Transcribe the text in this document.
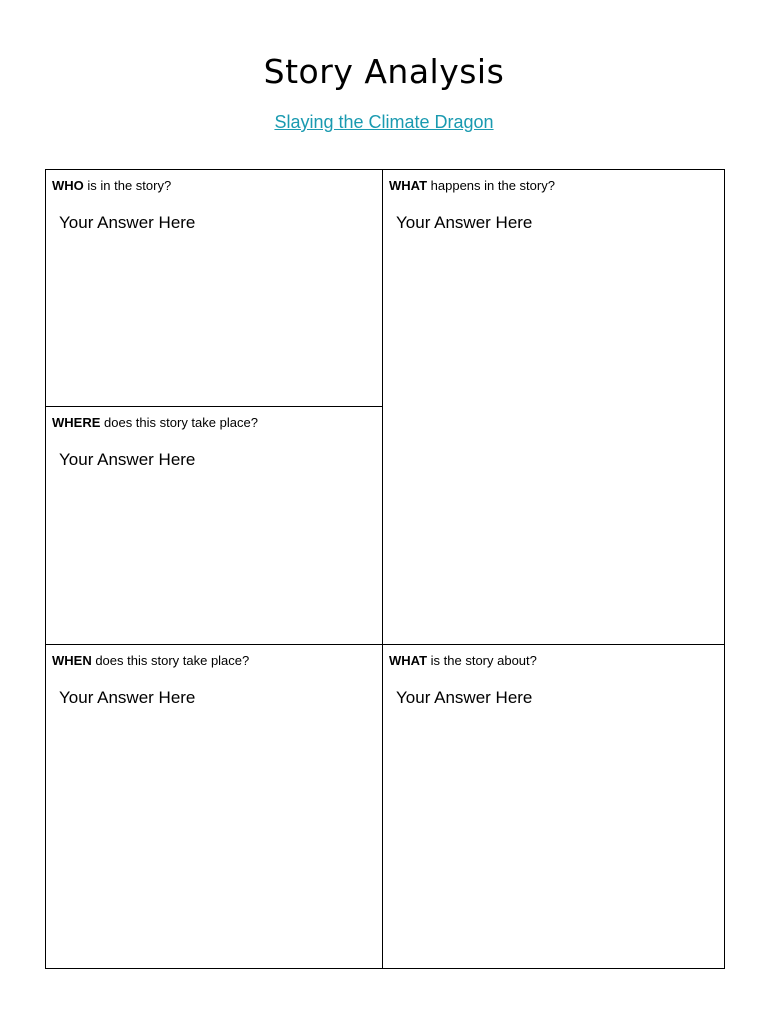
Story Analysis
Slaying the Climate Dragon
WHO is in the story?
Your Answer Here
WHAT happens in the story?
Your Answer Here
WHERE does this story take place?
Your Answer Here
WHEN does this story take place?
Your Answer Here
WHAT is the story about?
Your Answer Here
